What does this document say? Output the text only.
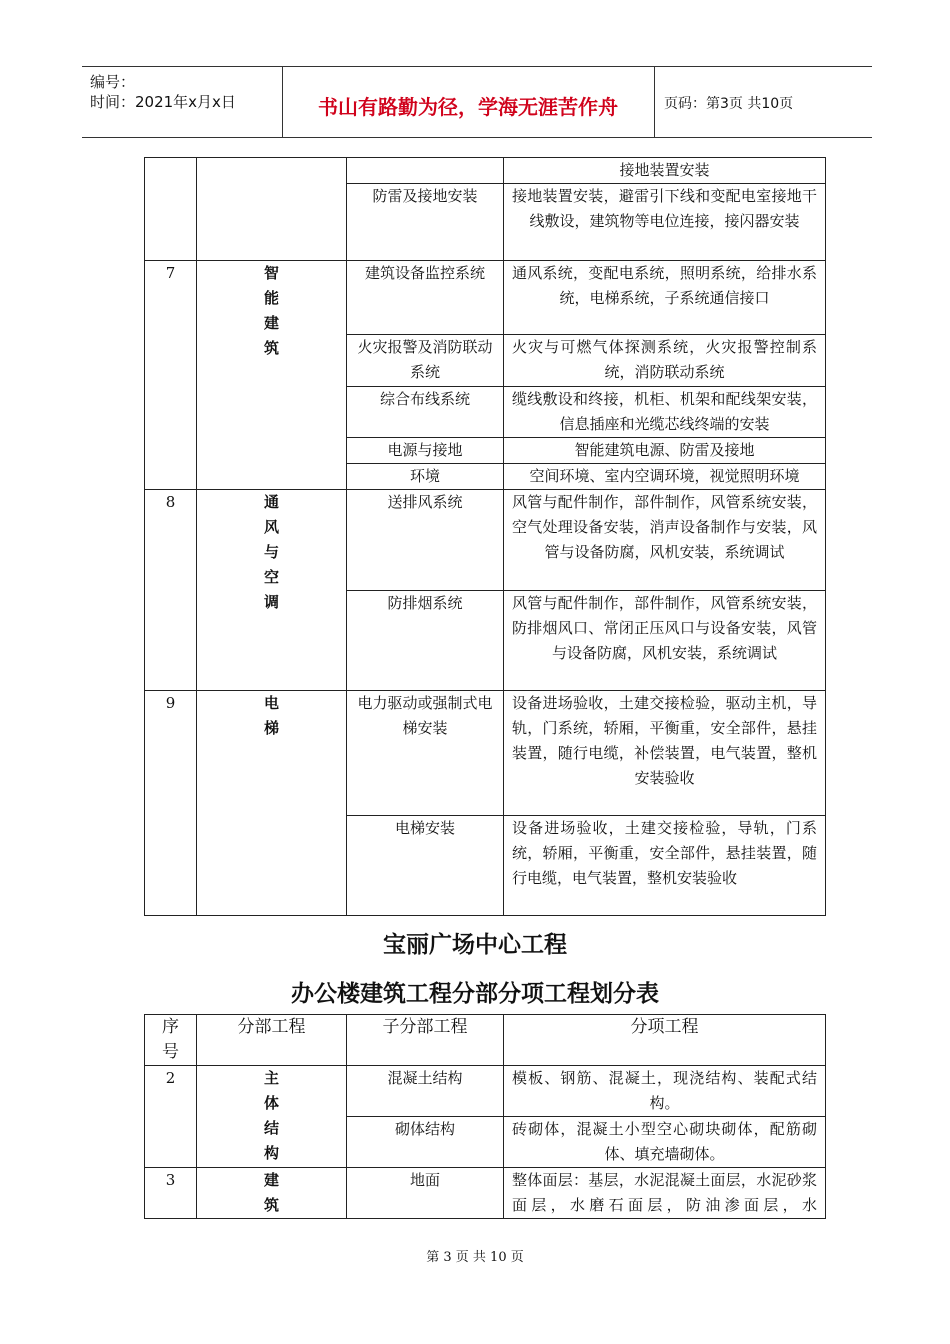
编号：
时间：2021年x月x日	书山有路勤为径，学海无涯苦作舟	页码：第3页 共10页
			接地装置安装
		防雷及接地安装	接地装置安装，避雷引下线和变配电室接地干线敷设，建筑物等电位连接，接闪器安装
7	智能建筑	建筑设备监控系统	通风系统，变配电系统，照明系统，给排水系统，电梯系统，子系统通信接口
		火灾报警及消防联动系统	火灾与可燃气体探测系统，火灾报警控制系统，消防联动系统
		综合布线系统	缆线敷设和终接，机柜、机架和配线架安装，信息插座和光缆芯线终端的安装
		电源与接地	智能建筑电源、防雷及接地
		环境	空间环境、室内空调环境，视觉照明环境
8	通风与空调	送排风系统	风管与配件制作，部件制作，风管系统安装，空气处理设备安装，消声设备制作与安装，风管与设备防腐，风机安装，系统调试
		防排烟系统	风管与配件制作，部件制作，风管系统安装，防排烟风口、常闭正压风口与设备安装，风管与设备防腐，风机安装，系统调试
9	电梯	电力驱动或强制式电梯安装	设备进场验收，土建交接检验，驱动主机，导轨，门系统，轿厢，平衡重，安全部件，悬挂装置，随行电缆，补偿装置，电气装置，整机安装验收
		电梯安装	设备进场验收，土建交接检验，导轨，门系统，轿厢，平衡重，安全部件，悬挂装置，随行电缆，电气装置，整机安装验收
宝丽广场中心工程
办公楼建筑工程分部分项工程划分表
序号	分部工程	子分部工程	分项工程
2	主体结构	混凝土结构	模板、钢筋、混凝土，现浇结构、装配式结构。
		砌体结构	砖砌体，混凝土小型空心砌块砌体，配筋砌体、填充墙砌体。
3	建筑	地面	整体面层：基层，水泥混凝土面层，水泥砂浆面层，水磨石面层，防油渗面层，水
第 3 页 共 10 页
